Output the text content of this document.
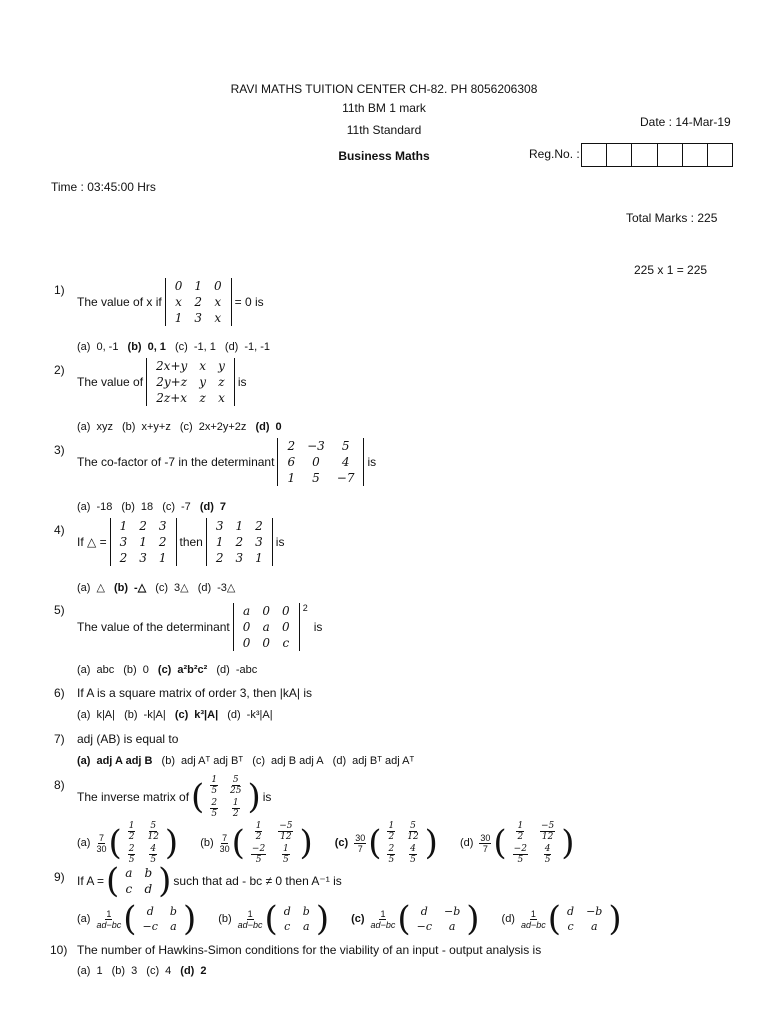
RAVI MATHS TUITION CENTER CH-82. PH 8056206308
11th BM 1 mark
11th Standard
Date : 14-Mar-19
Business Maths	Reg.No. :
Time : 03:45:00 Hrs
Total Marks : 225
225 x 1 = 225
1)
The value of x if
0	1	0
x	2	x
1	3	x
= 0 is
(a) 0, -1 (b) 0, 1 (c) -1, 1 (d) -1, -1
2)
The value of
2x+y	x	y
2y+z	y	z
2z+x	z	x
is
(a) xyz (b) x+y+z (c) 2x+2y+2z (d) 0
3)
The co-factor of -7 in the determinant
2	−3	5
6	0	4
1	5	−7
is
(a) -18 (b) 18 (c) -7 (d) 7
4)
If △ =
1	2	3
3	1	2
2	3	1
then
3	1	2
1	2	3
2	3	1
is
(a) △ (b) -△ (c) 3△ (d) -3△
5)
The value of the determinant
a	0	0
0	a	0
0	0	c
$^2$
is
(a) abc (b) 0 (c) a²b²c² (d) -abc
6) If A is a square matrix of order 3, then |kA| is
(a) k|A| (b) -k|A| (c) k³|A| (d) -k³|A|
7) adj (AB) is equal to
(a) adj A adj B (b) adj Aᵀ adj Bᵀ (c) adj B adj A (d) adj Bᵀ adj Aᵀ
8)
The inverse matrix of ( $\frac{1}{5}$	$\frac{5}{25}$

$\frac{2}{5}$	$\frac{1}{2}$ ) is
$(a) \frac{7}{30}$ ( $\frac{1}{2}$	$\frac{5}{12}$

$\frac{2}{5}$	$\frac{4}{5}$ ) $(b) \frac{7}{30}$ ( $\frac{1}{2}$	$\frac{-5}{12}$

$\frac{-2}{5}$	$\frac{1}{5}$ ) $(c) \frac{30}{7}$ ( $\frac{1}{2}$	$\frac{5}{12}$

$\frac{2}{5}$	$\frac{4}{5}$ ) $(d) \frac{30}{7}$ ( $\frac{1}{2}$	$\frac{-5}{12}$

$\frac{-2}{5}$	$\frac{4}{5}$ )
9) If A = ( a	b
c	d ) such that ad - bc ≠ 0 then A⁻¹ is
$(a) \frac{1}{ad-bc}$ ( d	b
−c	a ) $(b) \frac{1}{ad-bc}$ ( d	b
c	a ) $(c) \frac{1}{ad-bc}$ ( d	−b
−c	a ) $(d) \frac{1}{ad-bc}$ ( d	−b
c	a )
10) The number of Hawkins-Simon conditions for the viability of an input - output analysis is
(a) 1 (b) 3 (c) 4 (d) 2
